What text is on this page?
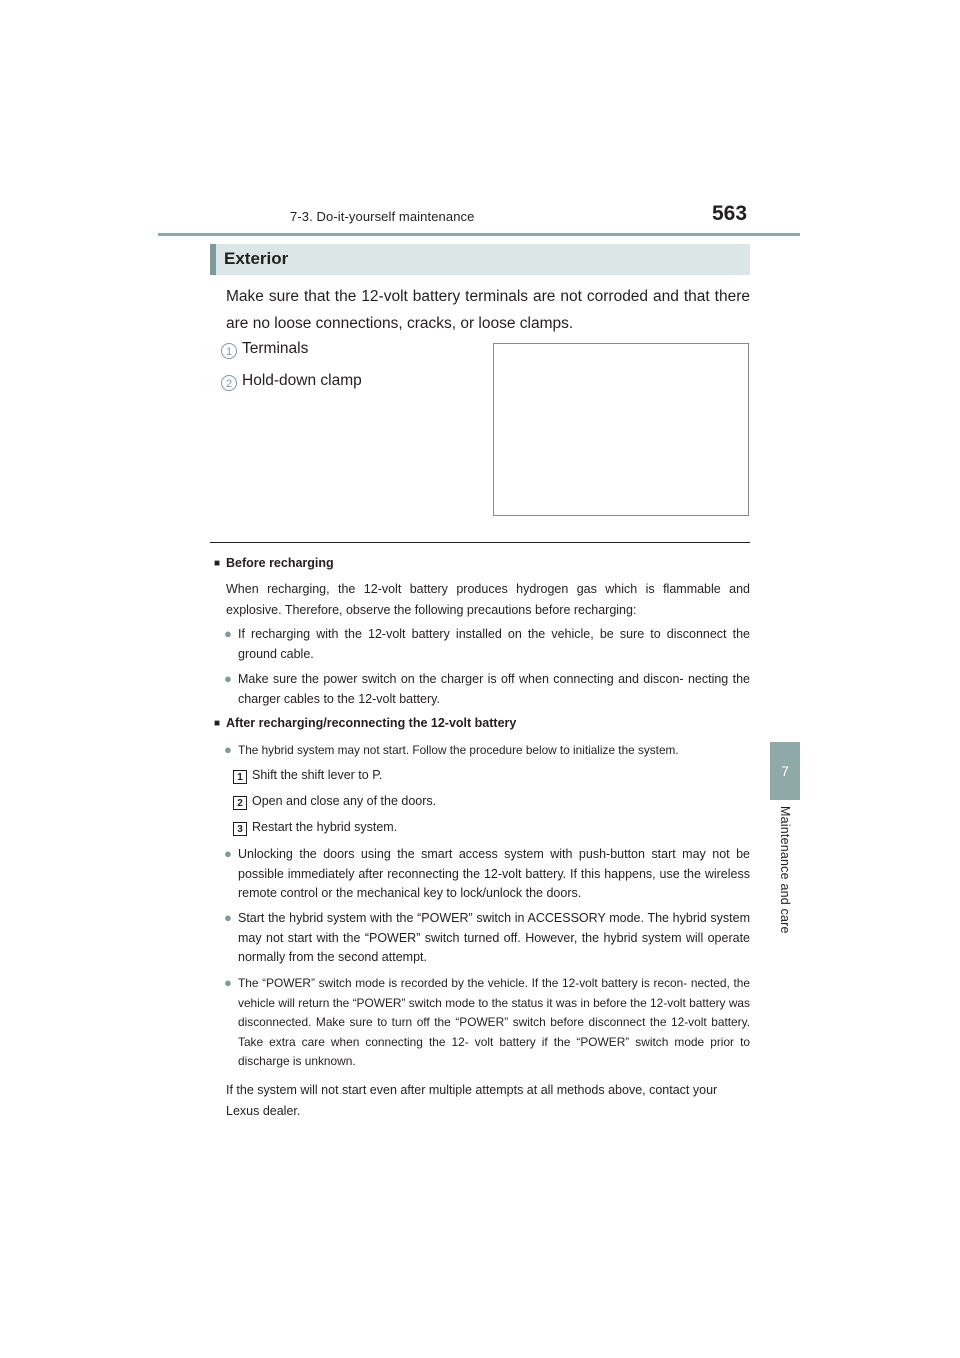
7-3. Do-it-yourself maintenance	563
7
Maintenance and care
Exterior
Make sure that the 12-volt battery terminals are not corroded and that there are no loose connections, cracks, or loose clamps.
1 Terminals
2 Hold-down clamp
■ Before recharging
When recharging, the 12-volt battery produces hydrogen gas which is flammable and explosive. Therefore, observe the following precautions before recharging:
● If recharging with the 12-volt battery installed on the vehicle, be sure to disconnect the ground cable.
● Make sure the power switch on the charger is off when connecting and discon- necting the charger cables to the 12-volt battery.
■ After recharging/reconnecting the 12-volt battery
● The hybrid system may not start. Follow the procedure below to initialize the system.
1 Shift the shift lever to P.
2 Open and close any of the doors.
3 Restart the hybrid system.
● Unlocking the doors using the smart access system with push-button start may not be possible immediately after reconnecting the 12-volt battery. If this happens, use the wireless remote control or the mechanical key to lock/unlock the doors.
● Start the hybrid system with the “POWER” switch in ACCESSORY mode. The hybrid system may not start with the “POWER” switch turned off. However, the hybrid system will operate normally from the second attempt.
● The “POWER” switch mode is recorded by the vehicle. If the 12-volt battery is recon- nected, the vehicle will return the “POWER” switch mode to the status it was in before the 12-volt battery was disconnected. Make sure to turn off the “POWER” switch before disconnect the 12-volt battery. Take extra care when connecting the 12- volt battery if the “POWER” switch mode prior to discharge is unknown.
If the system will not start even after multiple attempts at all methods above, contact your Lexus dealer.
